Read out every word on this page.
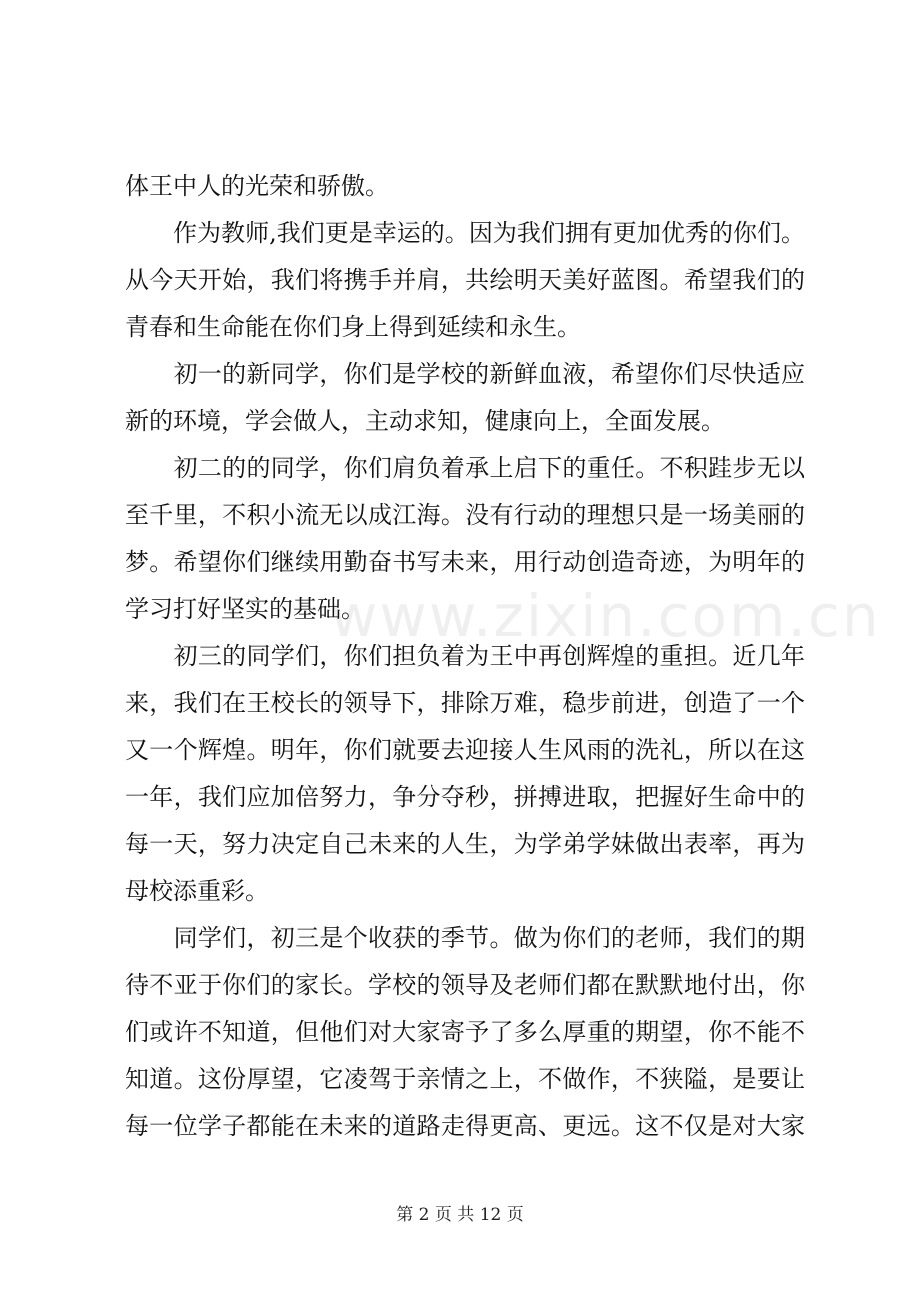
www.zixin.com.cn
体王中人的光荣和骄傲。
　　作为教师,我们更是幸运的。因为我们拥有更加优秀的你们。
从今天开始，我们将携手并肩，共绘明天美好蓝图。希望我们的
青春和生命能在你们身上得到延续和永生。
　　初一的新同学，你们是学校的新鲜血液，希望你们尽快适应
新的环境，学会做人，主动求知，健康向上，全面发展。
　　初二的的同学，你们肩负着承上启下的重任。不积跬步无以
至千里，不积小流无以成江海。没有行动的理想只是一场美丽的
梦。希望你们继续用勤奋书写未来，用行动创造奇迹，为明年的
学习打好坚实的基础。
　　初三的同学们，你们担负着为王中再创辉煌的重担。近几年
来，我们在王校长的领导下，排除万难，稳步前进，创造了一个
又一个辉煌。明年，你们就要去迎接人生风雨的洗礼，所以在这
一年，我们应加倍努力，争分夺秒，拼搏进取，把握好生命中的
每一天，努力决定自己未来的人生，为学弟学妹做出表率，再为
母校添重彩。
　　同学们，初三是个收获的季节。做为你们的老师，我们的期
待不亚于你们的家长。学校的领导及老师们都在默默地付出，你
们或许不知道，但他们对大家寄予了多么厚重的期望，你不能不
知道。这份厚望，它凌驾于亲情之上，不做作，不狭隘，是要让
每一位学子都能在未来的道路走得更高、更远。这不仅是对大家
第 2 页 共 12 页
